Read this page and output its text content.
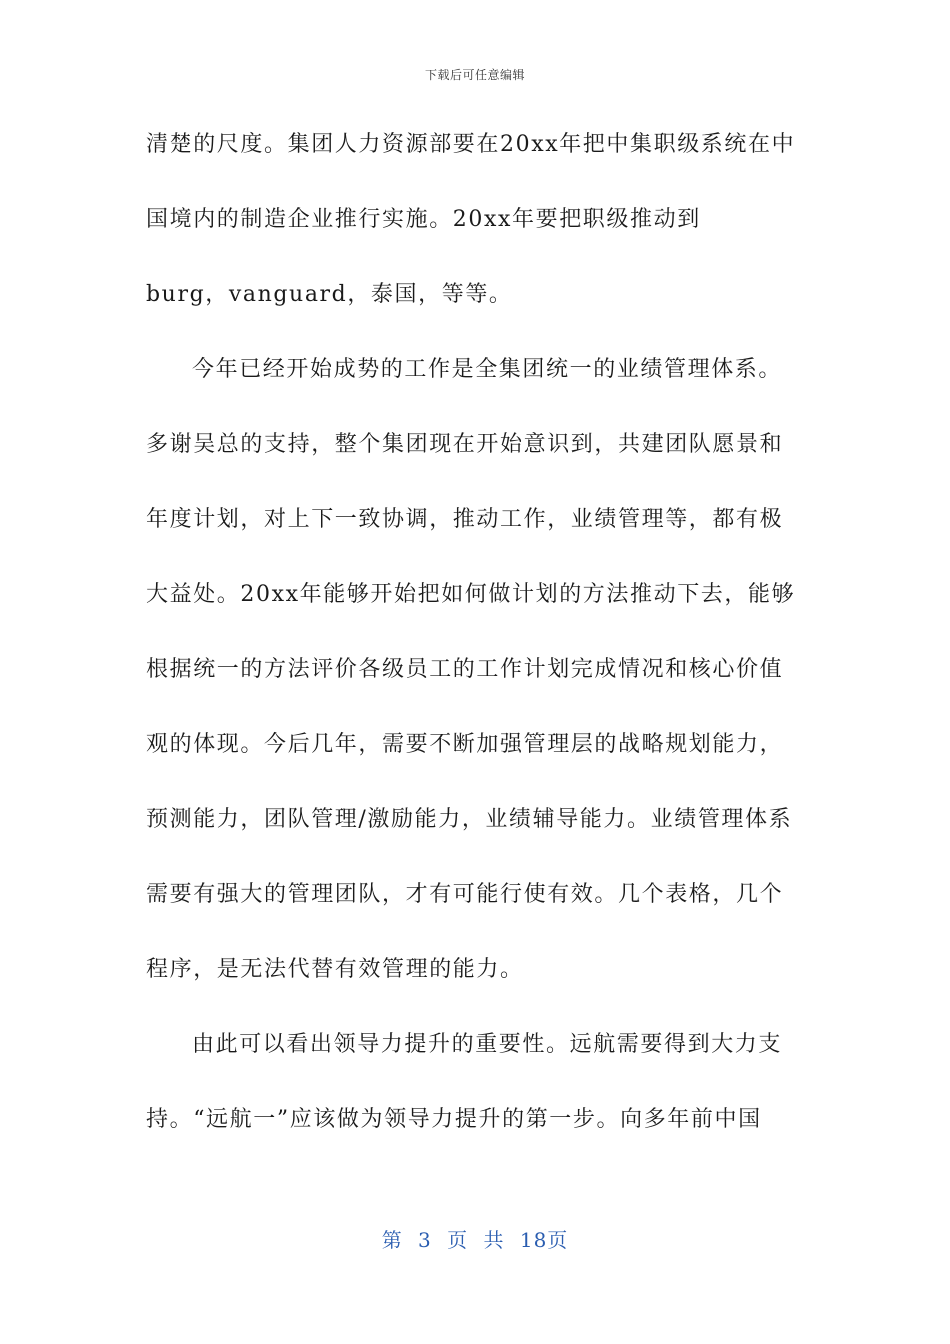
下载后可任意编辑
清楚的尺度。集团人力资源部要在20xx年把中集职级系统在中
国境内的制造企业推行实施。20xx年要把职级推动到
burg，vanguard，泰国，等等。
今年已经开始成势的工作是全集团统一的业绩管理体系。
多谢吴总的支持，整个集团现在开始意识到，共建团队愿景和
年度计划，对上下一致协调，推动工作，业绩管理等，都有极
大益处。20xx年能够开始把如何做计划的方法推动下去，能够
根据统一的方法评价各级员工的工作计划完成情况和核心价值
观的体现。今后几年，需要不断加强管理层的战略规划能力，
预测能力，团队管理/激励能力，业绩辅导能力。业绩管理体系
需要有强大的管理团队，才有可能行使有效。几个表格，几个
程序，是无法代替有效管理的能力。
由此可以看出领导力提升的重要性。远航需要得到大力支
持。“远航一”应该做为领导力提升的第一步。向多年前中国
第 3 页 共 18页
